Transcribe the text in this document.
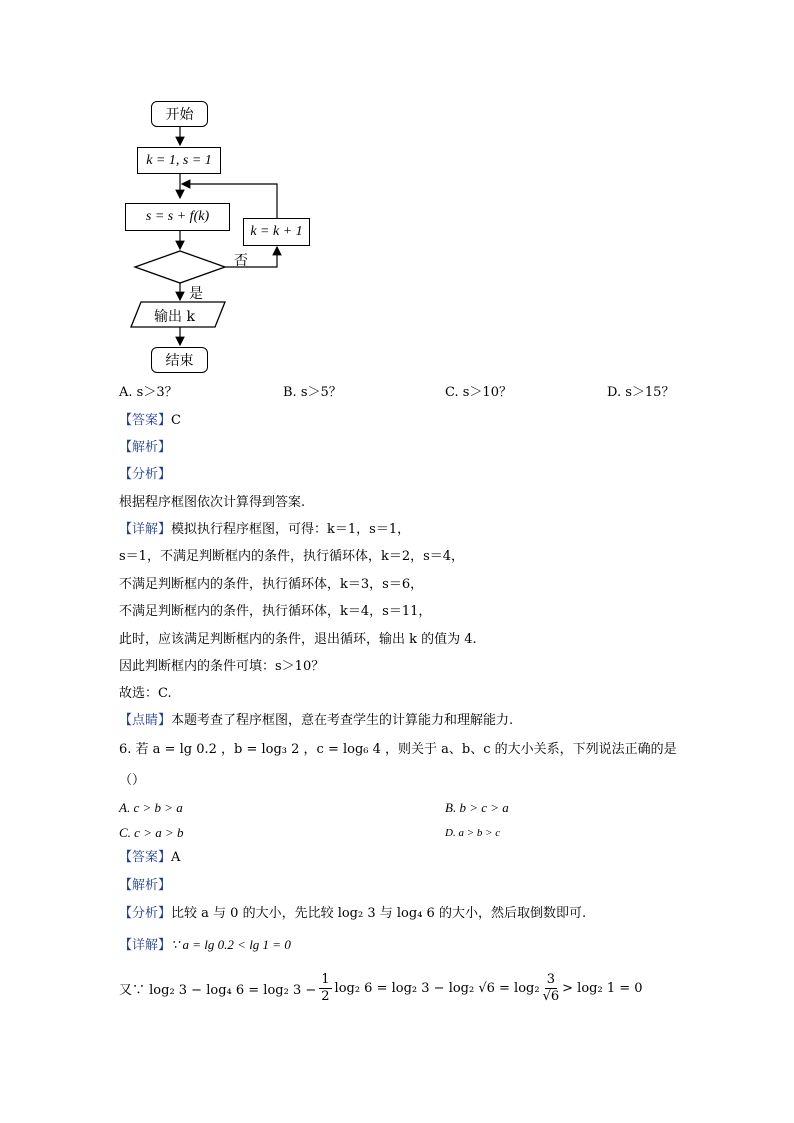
开始
k = 1, s = 1
s = s + f(k)
k = k + 1
否
是
输出 k
结束
A. s＞3？	B. s＞5？	C. s＞10？	D. s＞15？
【答案】C
【解析】
【分析】
根据程序框图依次计算得到答案.
【详解】模拟执行程序框图，可得：k＝1，s＝1，
s＝1，不满足判断框内的条件，执行循环体，k＝2，s＝4，
不满足判断框内的条件，执行循环体，k＝3，s＝6，
不满足判断框内的条件，执行循环体，k＝4，s＝11，
此时，应该满足判断框内的条件，退出循环，输出 k 的值为 4.
因此判断框内的条件可填：s＞10？
故选：C.
【点睛】本题考查了程序框图，意在考查学生的计算能力和理解能力.
6. 若 a = lg 0.2 ，b = log₃ 2 ，c = log₆ 4 ，则关于 a、b、c 的大小关系，下列说法正确的是
（）
A. c > b > a	B. b > c > a
C. c > a > b	D. a > b > c
【答案】A
【解析】
【分析】比较 a 与 0 的大小，先比较 log₂ 3 与 log₄ 6 的大小，然后取倒数即可.
【详解】∵ a = lg 0.2 < lg 1 = 0
又∵ log₂ 3 − log₄ 6 = log₂ $3 - \frac{1}{2} \log_2$ 6 = log₂ 3 − log₂ √6 = log₂
3
√6
> log₂ 1 = 0
